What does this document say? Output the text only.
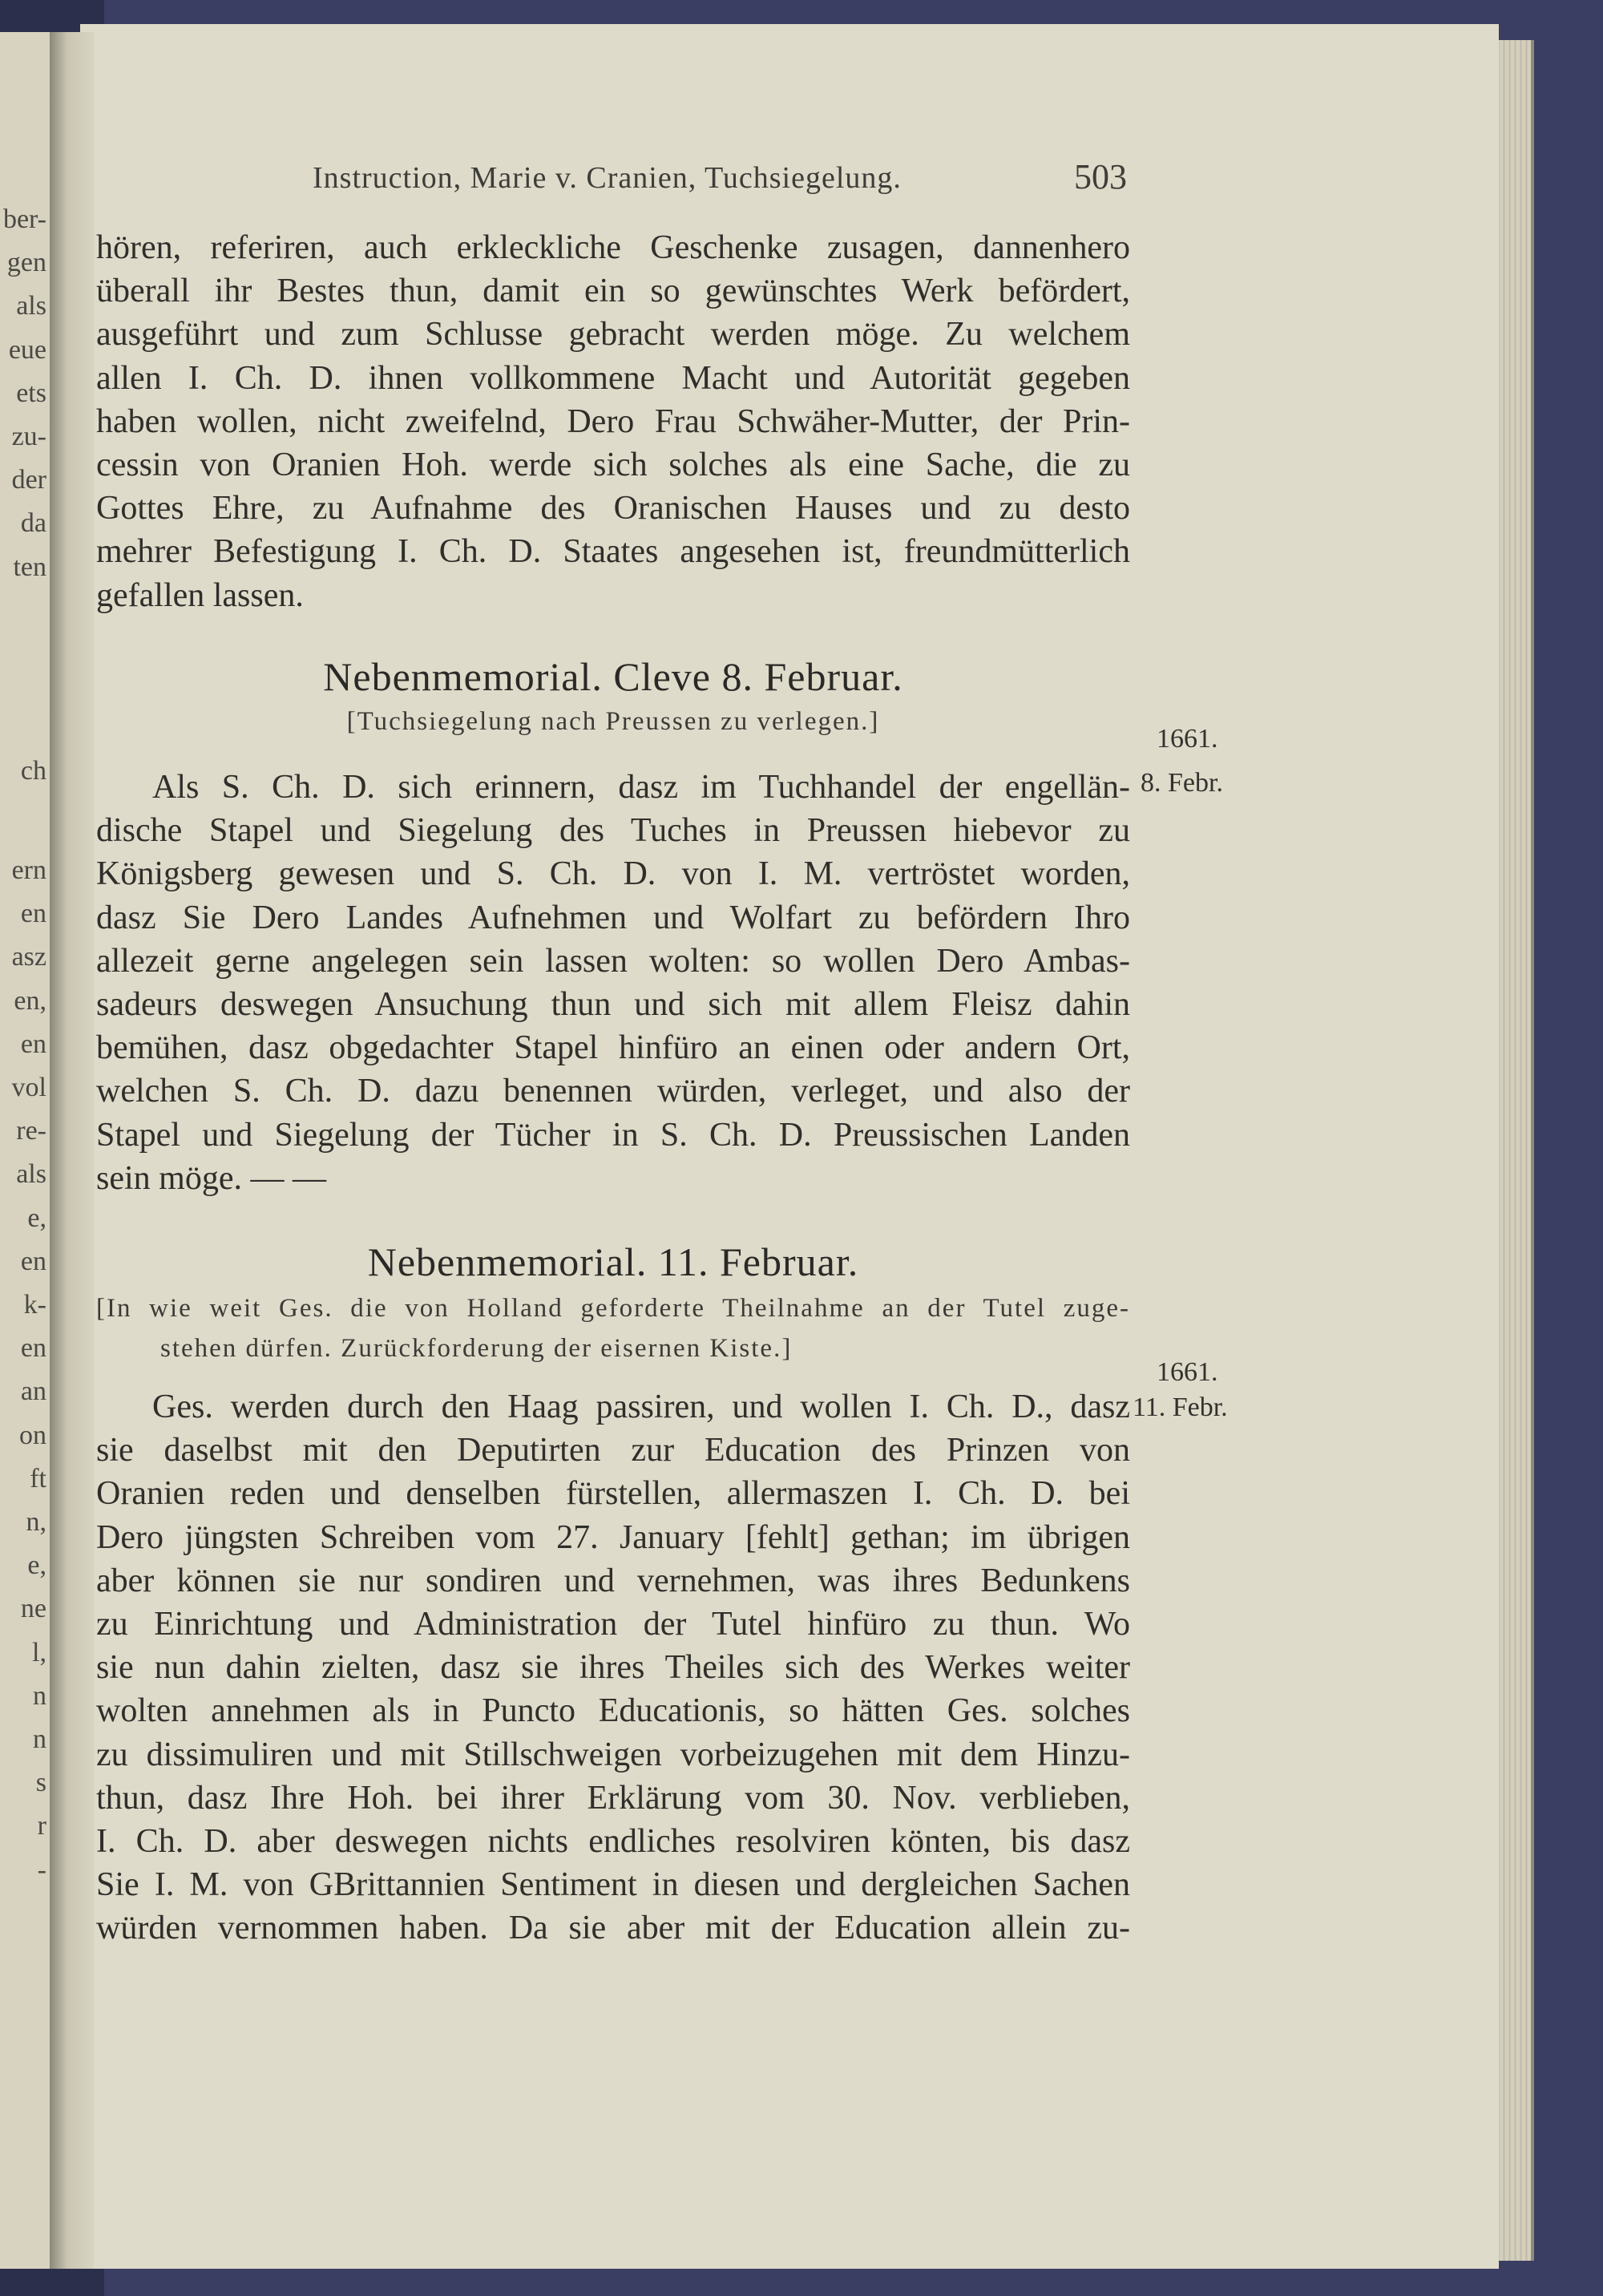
ber-
gen
als
eue
ets
zu-
der
da
ten
ch
ern
en
asz
en,
en
vol
re-
als
e,
en
k-
en
an
on
ft
n,
e,
ne
l,
n
n
s
r
-
Instruction, Marie v. Cranien, Tuchsiegelung.	503
hören, referiren, auch erkleckliche Geschenke zusagen, dannenhero
überall ihr Bestes thun, damit ein so gewünschtes Werk befördert,
ausgeführt und zum Schlusse gebracht werden möge. Zu welchem
allen I. Ch. D. ihnen vollkommene Macht und Autorität gegeben
haben wollen, nicht zweifelnd, Dero Frau Schwäher-Mutter, der Prin-
cessin von Oranien Hoh. werde sich solches als eine Sache, die zu
Gottes Ehre, zu Aufnahme des Oranischen Hauses und zu desto
mehrer Befestigung I. Ch. D. Staates angesehen ist, freundmütterlich
gefallen lassen.
Nebenmemorial. Cleve 8. Februar.
[Tuchsiegelung nach Preussen zu verlegen.]
1661.
8. Febr.
Als S. Ch. D. sich erinnern, dasz im Tuchhandel der engellän-
dische Stapel und Siegelung des Tuches in Preussen hiebevor zu
Königsberg gewesen und S. Ch. D. von I. M. vertröstet worden,
dasz Sie Dero Landes Aufnehmen und Wolfart zu befördern Ihro
allezeit gerne angelegen sein lassen wolten: so wollen Dero Ambas-
sadeurs deswegen Ansuchung thun und sich mit allem Fleisz dahin
bemühen, dasz obgedachter Stapel hinfüro an einen oder andern Ort,
welchen S. Ch. D. dazu benennen würden, verleget, und also der
Stapel und Siegelung der Tücher in S. Ch. D. Preussischen Landen
sein möge. — —
Nebenmemorial. 11. Februar.
[In wie weit Ges. die von Holland geforderte Theilnahme an der Tutel zuge-
stehen dürfen. Zurückforderung der eisernen Kiste.]
1661.
11. Febr.
Ges. werden durch den Haag passiren, und wollen I. Ch. D., dasz
sie daselbst mit den Deputirten zur Education des Prinzen von
Oranien reden und denselben fürstellen, allermaszen I. Ch. D. bei
Dero jüngsten Schreiben vom 27. January [fehlt] gethan; im übrigen
aber können sie nur sondiren und vernehmen, was ihres Bedunkens
zu Einrichtung und Administration der Tutel hinfüro zu thun. Wo
sie nun dahin zielten, dasz sie ihres Theiles sich des Werkes weiter
wolten annehmen als in Puncto Educationis, so hätten Ges. solches
zu dissimuliren und mit Stillschweigen vorbeizugehen mit dem Hinzu-
thun, dasz Ihre Hoh. bei ihrer Erklärung vom 30. Nov. verblieben,
I. Ch. D. aber deswegen nichts endliches resolviren könten, bis dasz
Sie I. M. von GBrittannien Sentiment in diesen und dergleichen Sachen
würden vernommen haben. Da sie aber mit der Education allein zu-
